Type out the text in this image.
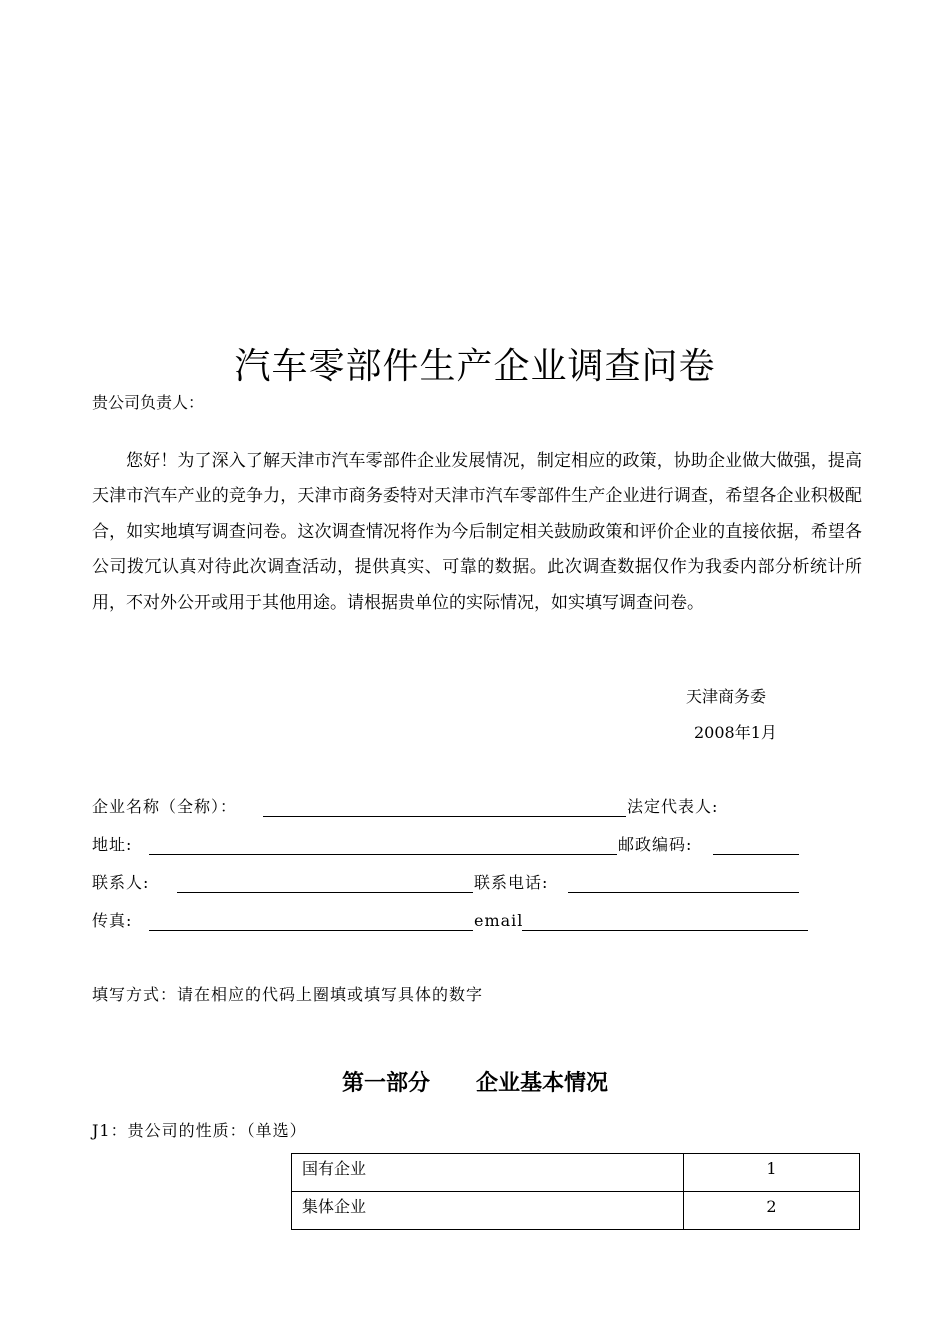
汽车零部件生产企业调查问卷
贵公司负责人：

您好！为了深入了解天津市汽车零部件企业发展情况，制定相应的政策，协助企业做大做强，提高天津市汽车产业的竞争力，天津市商务委特对天津市汽车零部件生产企业进行调查，希望各企业积极配合，如实地填写调查问卷。这次调查情况将作为今后制定相关鼓励政策和评价企业的直接依据，希望各公司拨冗认真对待此次调查活动，提供真实、可靠的数据。此次调查数据仅作为我委内部分析统计所用，不对外公开或用于其他用途。请根据贵单位的实际情况，如实填写调查问卷。

天津商务委
2008年1月
企业名称（全称）：	法定代表人:
地址:	邮政编码:
联系人:	联系电话:
传真:	email
填写方式：请在相应的代码上圈填或填写具体的数字
第一部分      企业基本情况
J1：贵公司的性质：（单选）
国有企业	1
集体企业	2
